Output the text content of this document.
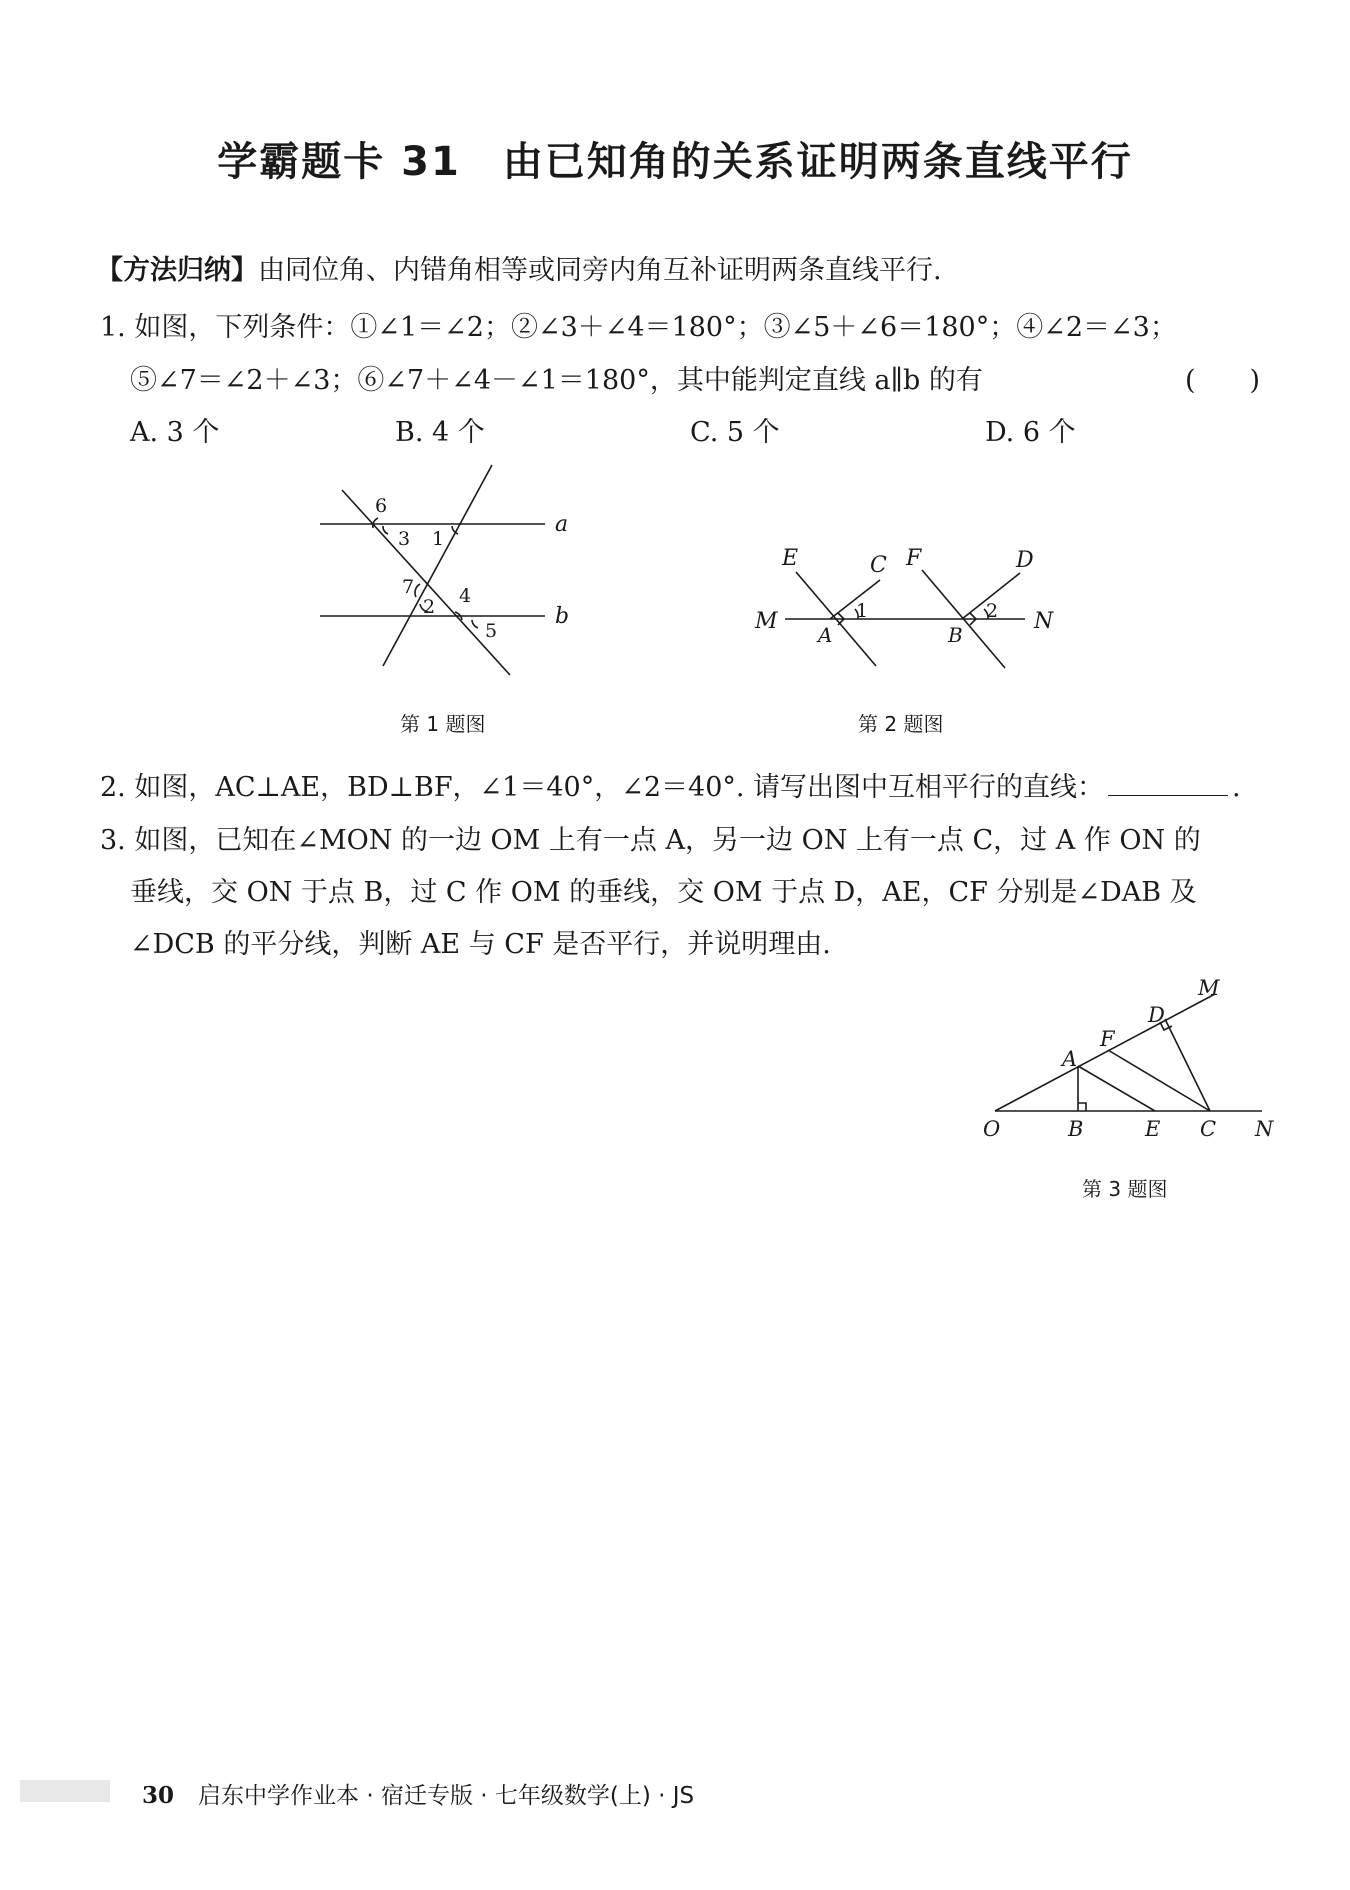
学霸题卡 31　由已知角的关系证明两条直线平行
【方法归纳】由同位角、内错角相等或同旁内角互补证明两条直线平行.
1. 如图，下列条件：①∠1＝∠2；②∠3＋∠4＝180°；③∠5＋∠6＝180°；④∠2＝∠3；
⑤∠7＝∠2＋∠3；⑥∠7＋∠4－∠1＝180°，其中能判定直线 a∥b 的有	(　　)
A. 3 个	B. 4 个	C. 5 个	D. 6 个
a
b
6
3 1
7
2 4
5
第 1 题图
E	C F	D
M
A	B
N
1	2
第 2 题图
2. 如图，AC⊥AE，BD⊥BF，∠1＝40°，∠2＝40°. 请写出图中互相平行的直线：	.
3. 如图，已知在∠MON 的一边 OM 上有一点 A，另一边 ON 上有一点 C，过 A 作 ON 的
垂线，交 ON 于点 B，过 C 作 OM 的垂线，交 OM 于点 D，AE，CF 分别是∠DAB 及
∠DCB 的平分线，判断 AE 与 CF 是否平行，并说明理由.
M
D
F
A
O	B	E C N
第 3 题图
30 启东中学作业本 · 宿迁专版 · 七年级数学(上) · JS
